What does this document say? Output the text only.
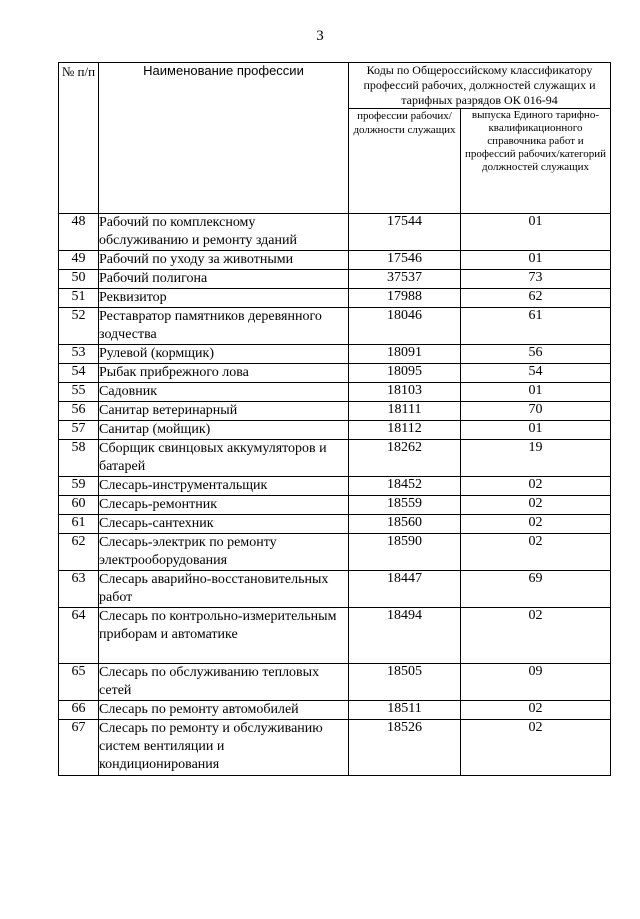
3
№ п/п	Наименование профессии	Коды по Общероссийскому классификатору профессий рабочих, должностей служащих и тарифных разрядов ОК 016-94	
		профессии рабочих/ должности служащих	выпуска Единого тарифно-квалификационного справочника работ и профессий рабочих/категорий должностей служащих
48	Рабочий по комплексному обслуживанию и ремонту зданий	17544	01
49	Рабочий по уходу за животными	17546	01
50	Рабочий полигона	37537	73
51	Реквизитор	17988	62
52	Реставратор памятников деревянного зодчества	18046	61
53	Рулевой (кормщик)	18091	56
54	Рыбак прибрежного лова	18095	54
55	Садовник	18103	01
56	Санитар ветеринарный	18111	70
57	Санитар (мойщик)	18112	01
58	Сборщик свинцовых аккумуляторов и батарей	18262	19
59	Слесарь-инструментальщик	18452	02
60	Слесарь-ремонтник	18559	02
61	Слесарь-сантехник	18560	02
62	Слесарь-электрик по ремонту электрооборудования	18590	02
63	Слесарь аварийно-восстановительных работ	18447	69
64	Слесарь по контрольно-измерительным приборам и автоматике	18494	02
65	Слесарь по обслуживанию тепловых сетей	18505	09
66	Слесарь по ремонту автомобилей	18511	02
67	Слесарь по ремонту и обслуживанию систем вентиляции и кондиционирования	18526	02
